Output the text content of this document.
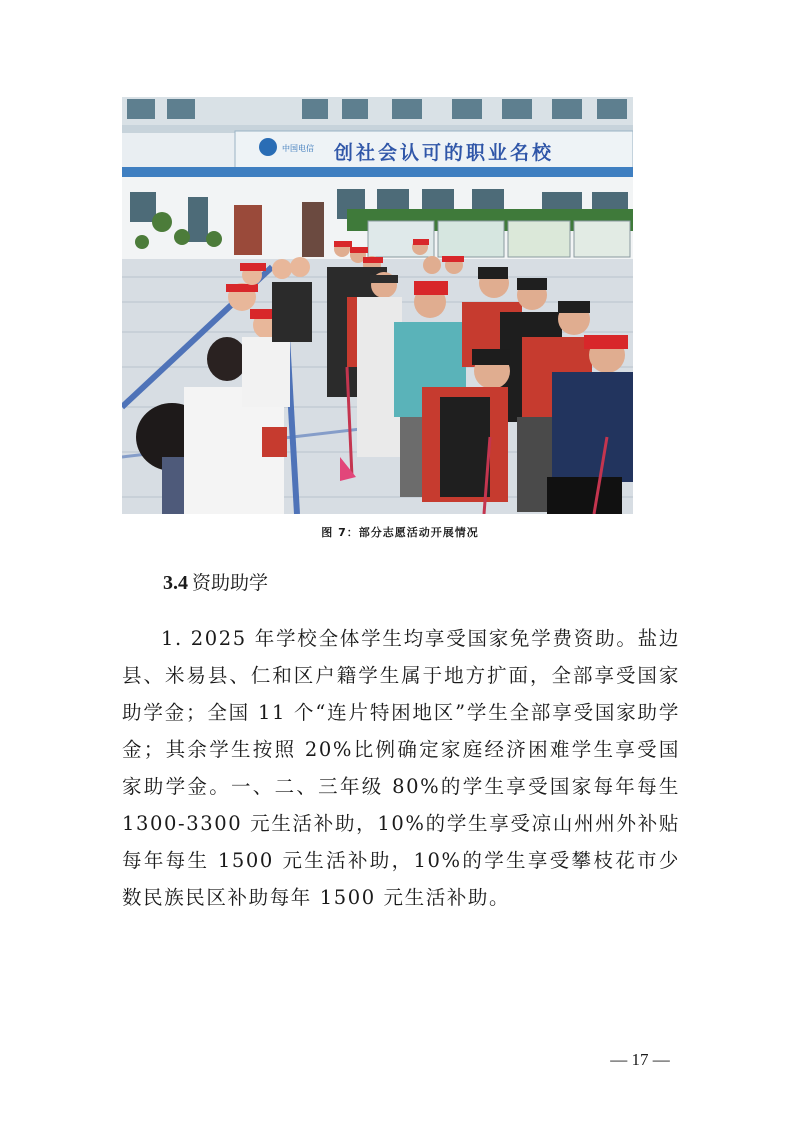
中国电信 创社会认可的职业名校
图 7：部分志愿活动开展情况
3.4 资助助学

1. 2025 年学校全体学生均享受国家免学费资助。盐边县、米易县、仁和区户籍学生属于地方扩面，全部享受国家助学金；全国 11 个“连片特困地区”学生全部享受国家助学金；其余学生按照 20%比例确定家庭经济困难学生享受国家助学金。一、二、三年级 80%的学生享受国家每年每生 1300-3300 元生活补助，10%的学生享受凉山州州外补贴每年每生 1500 元生活补助，10%的学生享受攀枝花市少数民族民区补助每年 1500 元生活补助。

— 17 —
